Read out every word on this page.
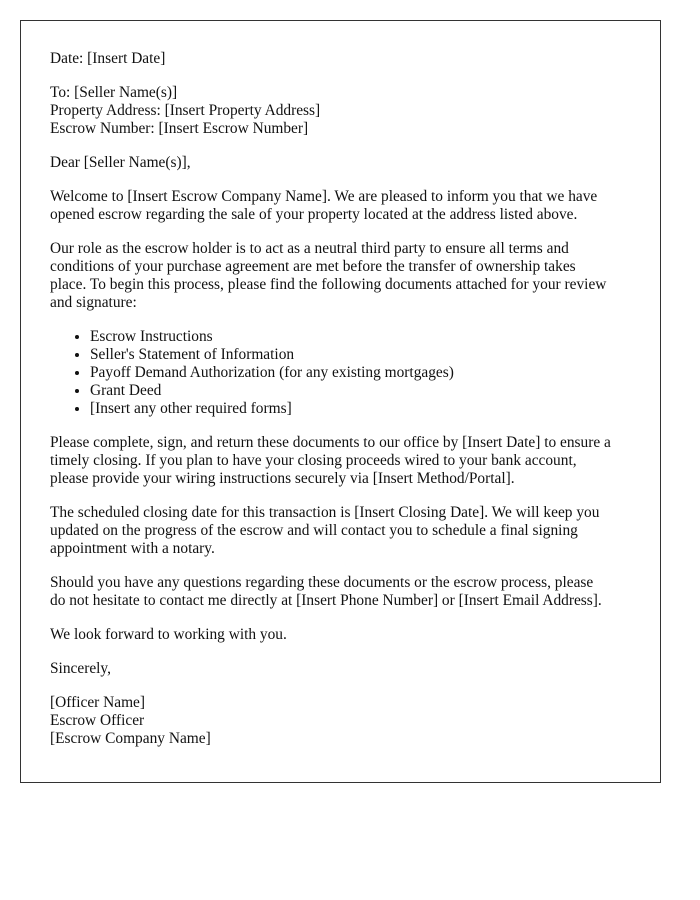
Date: [Insert Date]
To: [Seller Name(s)]
Property Address: [Insert Property Address]
Escrow Number: [Insert Escrow Number]
Dear [Seller Name(s)],

Welcome to [Insert Escrow Company Name]. We are pleased to inform you that we have
opened escrow regarding the sale of your property located at the address listed above.

Our role as the escrow holder is to act as a neutral third party to ensure all terms and
conditions of your purchase agreement are met before the transfer of ownership takes
place. To begin this process, please find the following documents attached for your review
and signature:

• Escrow Instructions
• Seller's Statement of Information
• Payoff Demand Authorization (for any existing mortgages)
• Grant Deed
• [Insert any other required forms]

Please complete, sign, and return these documents to our office by [Insert Date] to ensure a
timely closing. If you plan to have your closing proceeds wired to your bank account,
please provide your wiring instructions securely via [Insert Method/Portal].

The scheduled closing date for this transaction is [Insert Closing Date]. We will keep you
updated on the progress of the escrow and will contact you to schedule a final signing
appointment with a notary.

Should you have any questions regarding these documents or the escrow process, please
do not hesitate to contact me directly at [Insert Phone Number] or [Insert Email Address].

We look forward to working with you.

Sincerely,

[Officer Name]
Escrow Officer
[Escrow Company Name]
